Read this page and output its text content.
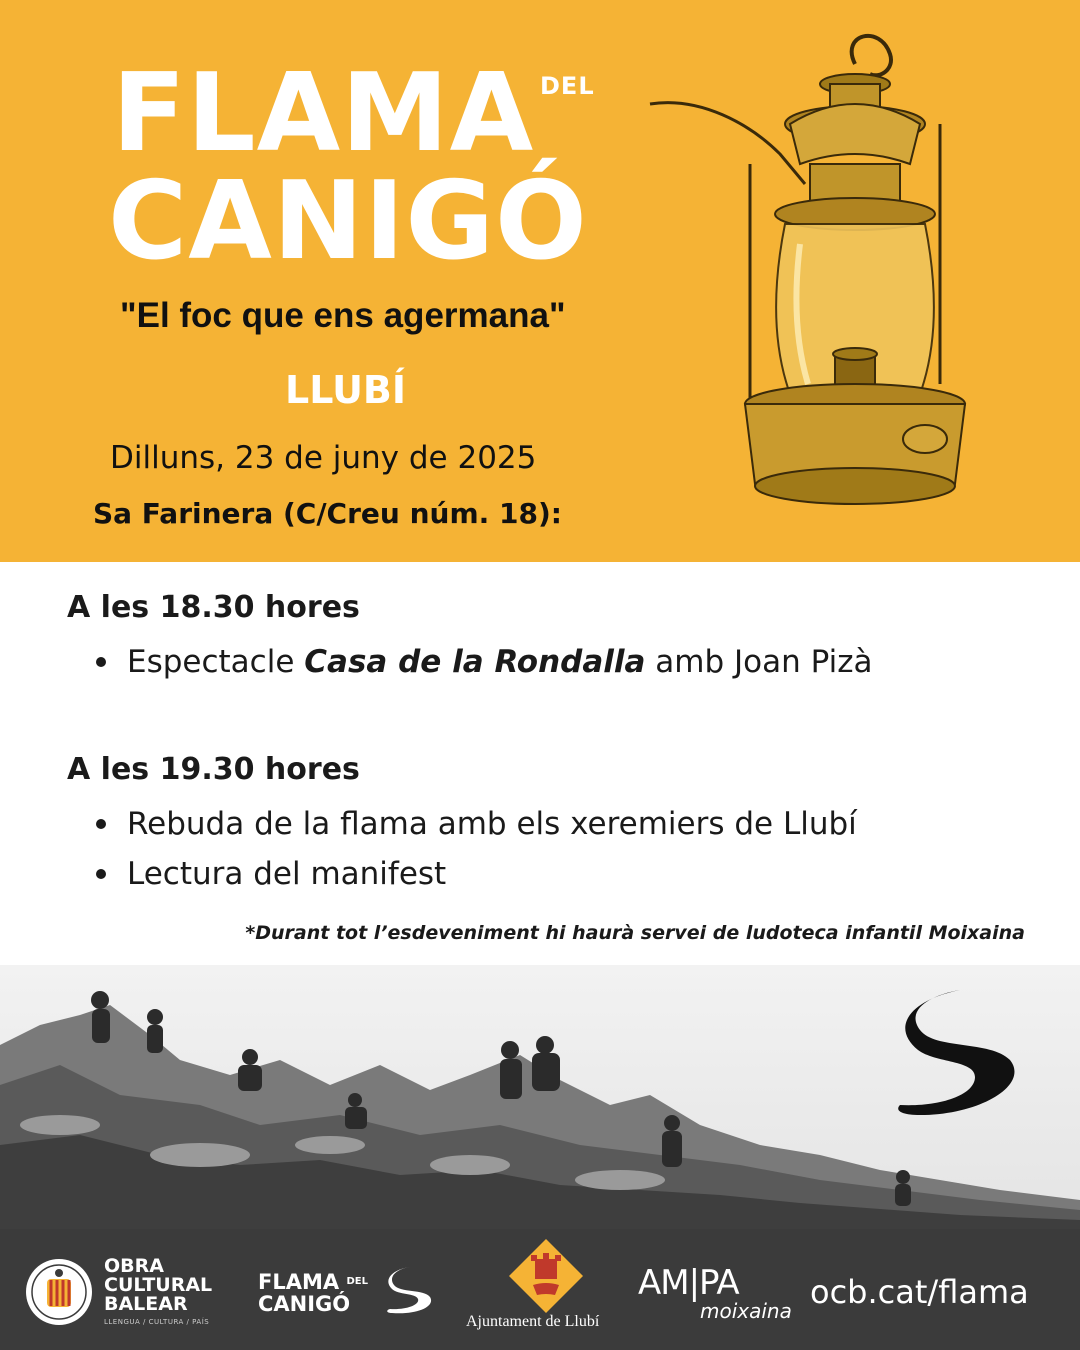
FLAMA DEL
CANIGÓ
"El foc que ens agermana"
LLUBÍ
Dilluns, 23 de juny de 2025
Sa Farinera (C/Creu núm. 18):
A les 18.30 hores
Espectacle Casa de la Rondalla amb Joan Pizà
A les 19.30 hores
Rebuda de la flama amb els xeremiers de Llubí
Lectura del manifest
*Durant tot l’esdeveniment hi haurà servei de ludoteca infantil Moixaina
OBRA
CULTURAL
BALEAR
LLENGUA / CULTURA / PAÍS
FLAMA $^{DEL}$
CANIGÓ
Ajuntament de Llubí
AM|PA
moixaina ocb.cat/flama
